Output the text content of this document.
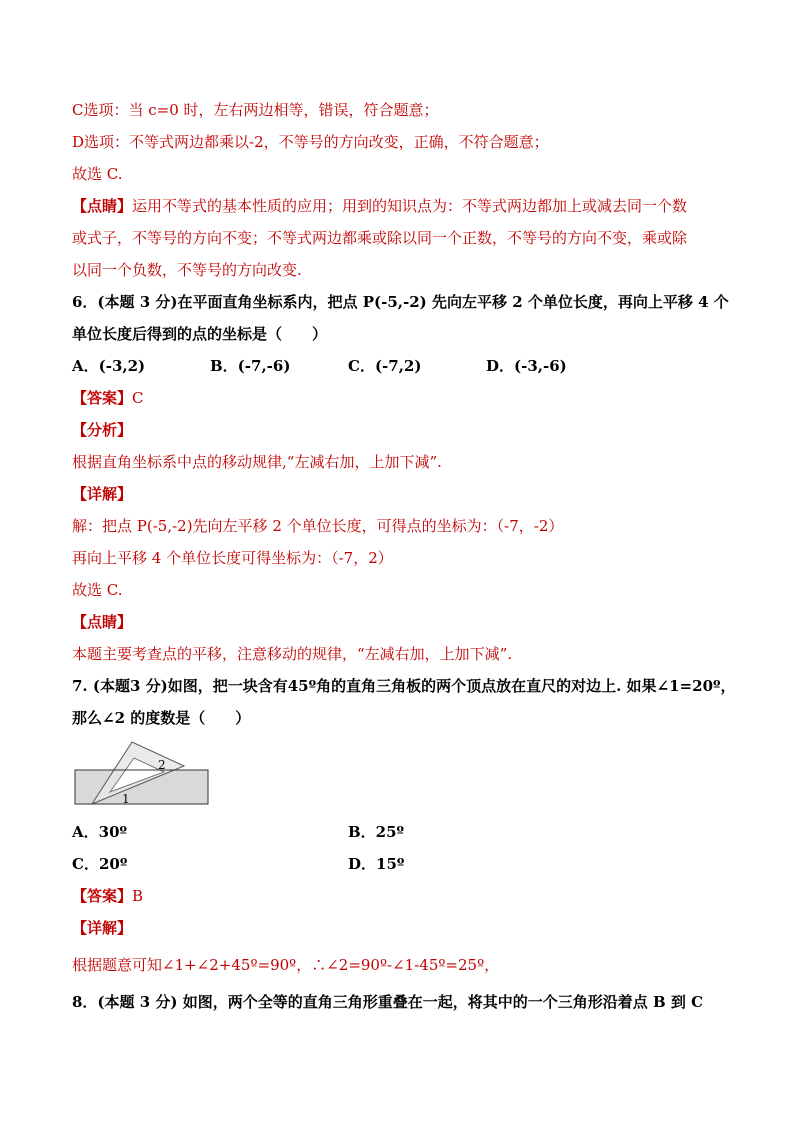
C选项：当 c=0 时，左右两边相等，错误，符合题意；
D选项：不等式两边都乘以-2，不等号的方向改变，正确，不符合题意；
故选 C.
【点睛】运用不等式的基本性质的应用；用到的知识点为：不等式两边都加上或减去同一个数
或式子，不等号的方向不变；不等式两边都乘或除以同一个正数，不等号的方向不变，乘或除
以同一个负数，不等号的方向改变.
6．(本题 3 分)在平面直角坐标系内，把点 P(-5,-2) 先向左平移 2 个单位长度，再向上平移 4 个
单位长度后得到的点的坐标是（　　）
A．(-3,2)	B．(-7,-6)	C．(-7,2)	D．(-3,-6)
【答案】C
【分析】
根据直角坐标系中点的移动规律,“左减右加，上加下减”.
【详解】
解：把点 P(-5,-2)先向左平移 2 个单位长度，可得点的坐标为：（-7，-2）
再向上平移 4 个单位长度可得坐标为：（-7，2）
故选 C.
【点睛】
本题主要考查点的平移，注意移动的规律，“左减右加，上加下减”.
7. (本题3 分)如图，把一块含有45º角的直角三角板的两个顶点放在直尺的对边上. 如果∠1=20º，
那么∠2 的度数是（　　）
2
1
A．30º	B．25º
C．20º	D．15º
【答案】B
【详解】
根据题意可知∠1+∠2+45º=90º，∴∠2=90º-∠1-45º=25º，
8．(本题 3 分) 如图，两个全等的直角三角形重叠在一起，将其中的一个三角形沿着点 B 到 C
